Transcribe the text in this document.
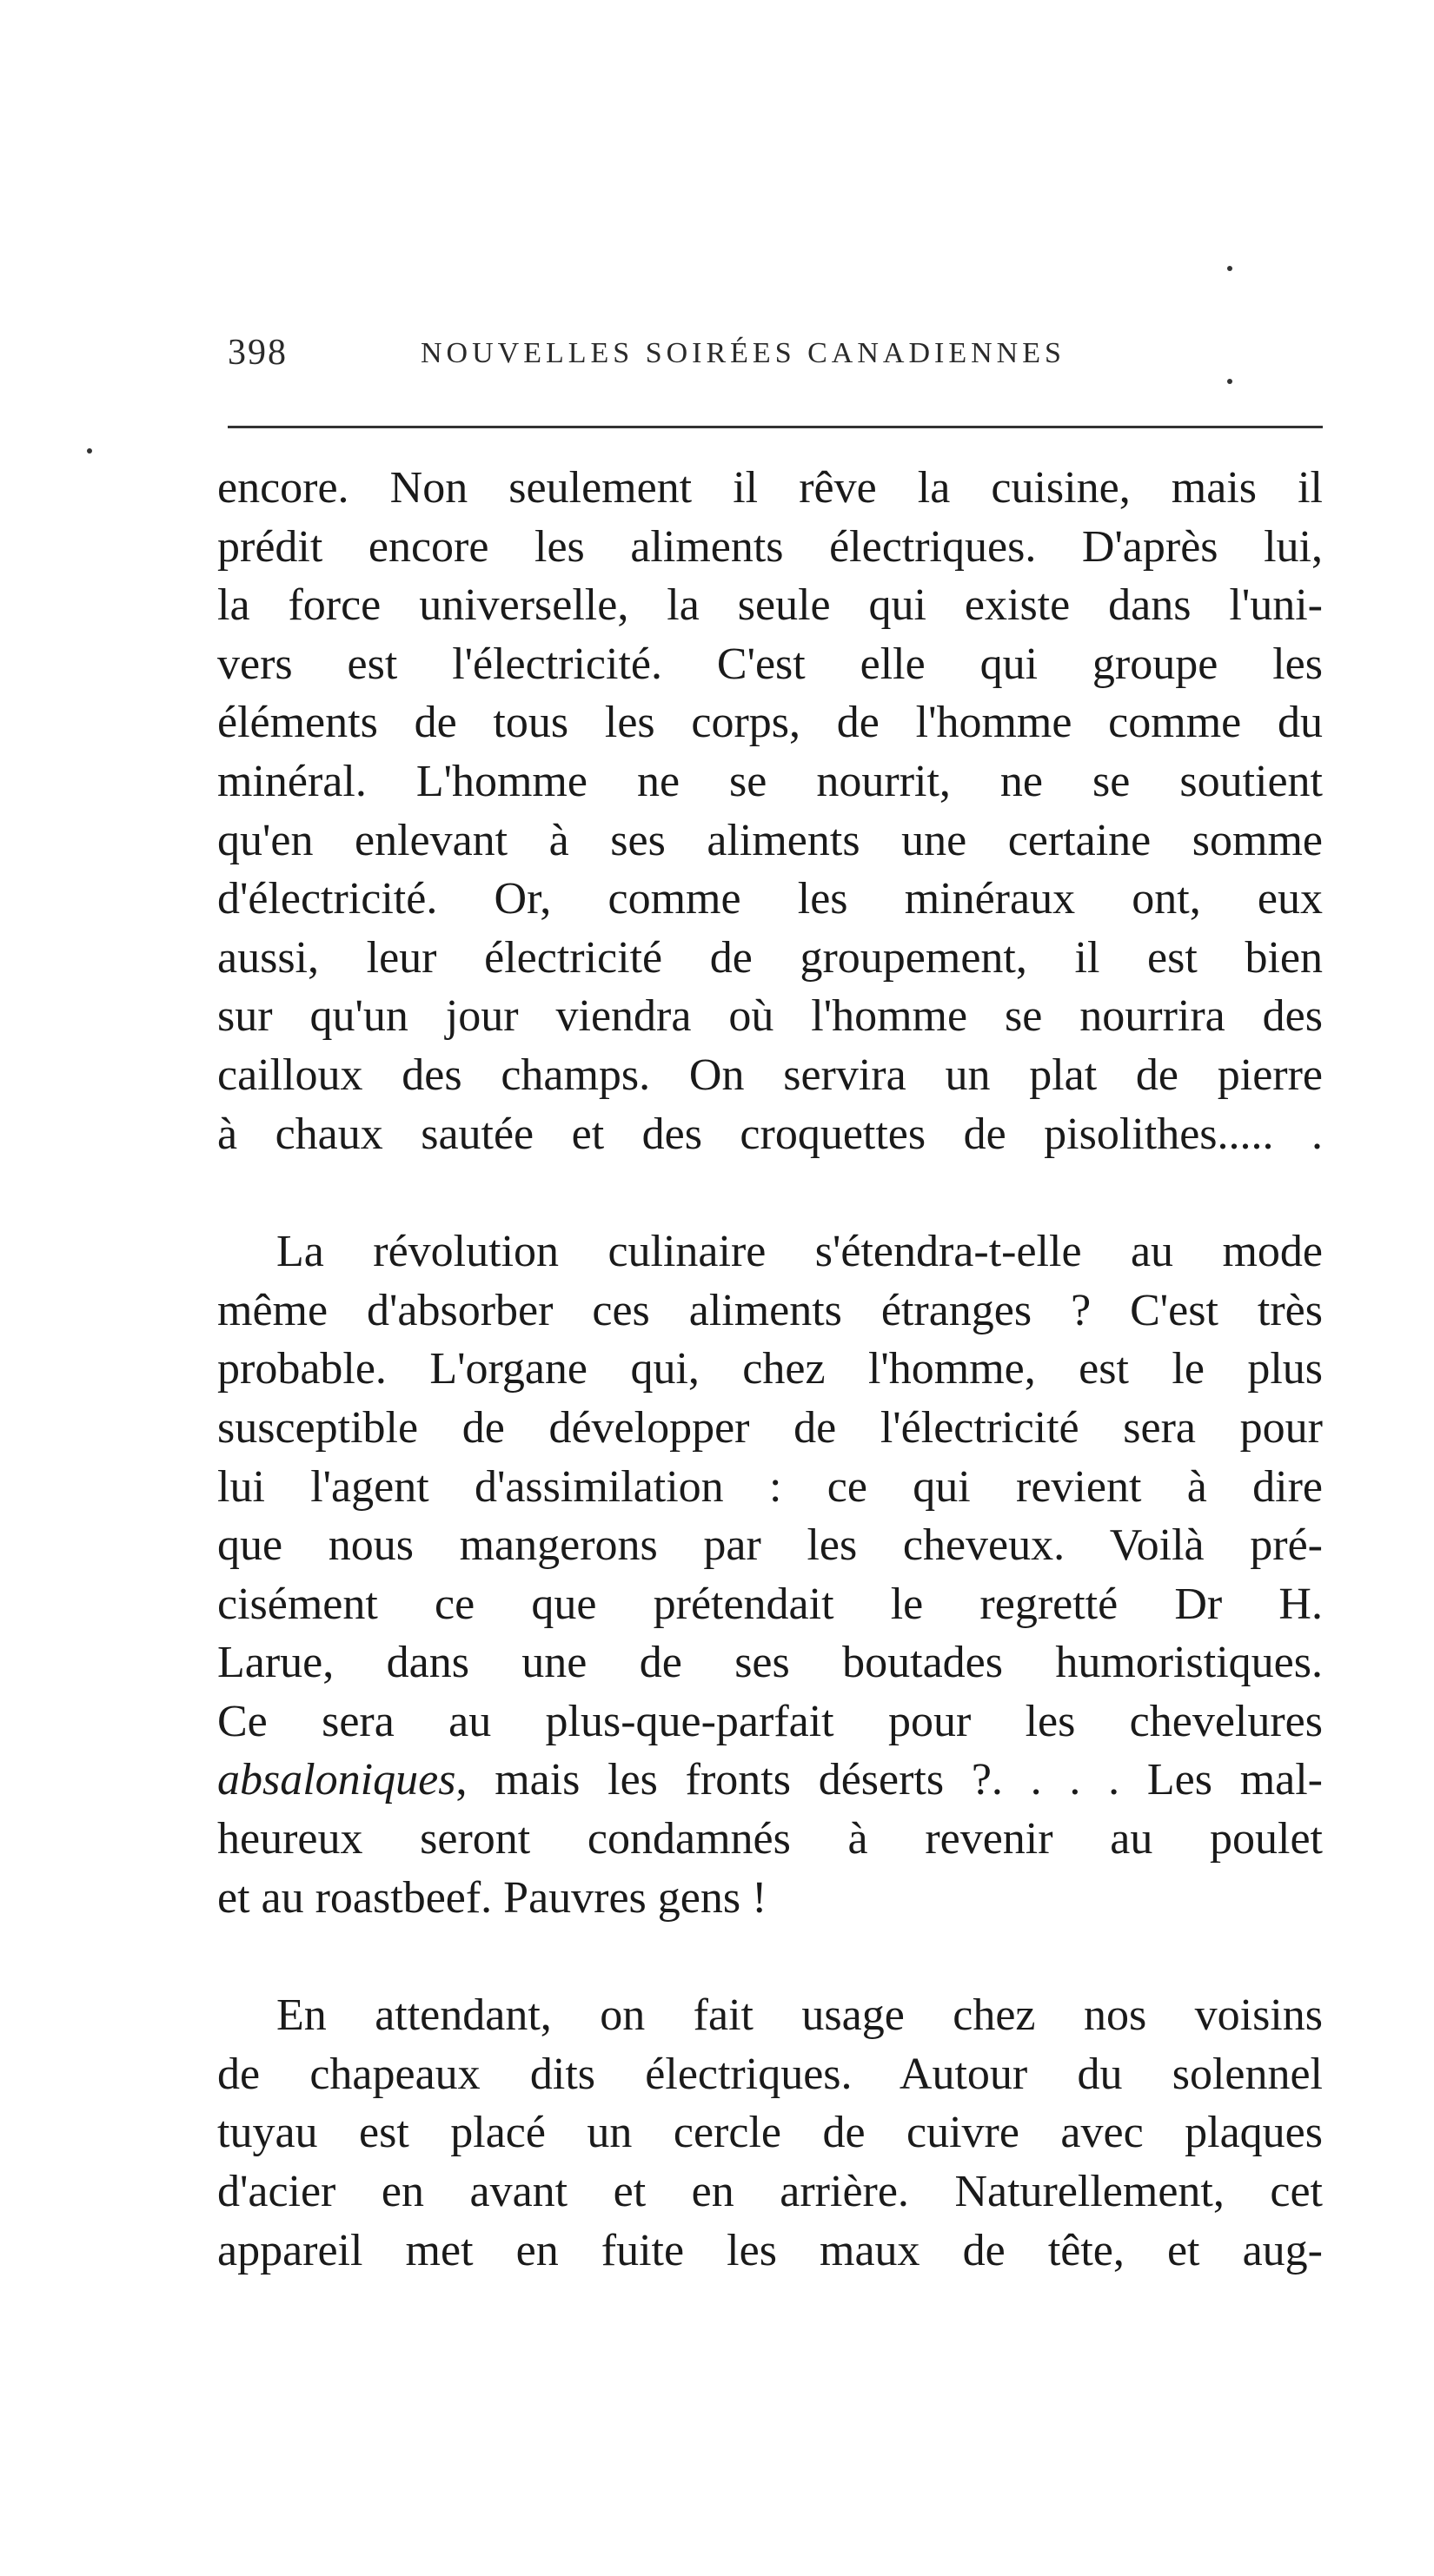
398	NOUVELLES SOIRÉES CANADIENNES
encore. Non seulement il rêve la cuisine, mais il
prédit encore les aliments électriques. D'après lui,
la force universelle, la seule qui existe dans l'uni-
vers est l'électricité. C'est elle qui groupe les
éléments de tous les corps, de l'homme comme du
minéral. L'homme ne se nourrit, ne se soutient
qu'en enlevant à ses aliments une certaine somme
d'électricité. Or, comme les minéraux ont, eux
aussi, leur électricité de groupement, il est bien
sur qu'un jour viendra où l'homme se nourrira des
cailloux des champs. On servira un plat de pierre
à chaux sautée et des croquettes de pisolithes..... .
La révolution culinaire s'étendra-t-elle au mode
même d'absorber ces aliments étranges ? C'est très
probable. L'organe qui, chez l'homme, est le plus
susceptible de développer de l'électricité sera pour
lui l'agent d'assimilation : ce qui revient à dire
que nous mangerons par les cheveux. Voilà pré-
cisément ce que prétendait le regretté Dr H.
Larue, dans une de ses boutades humoristiques.
Ce sera au plus-que-parfait pour les chevelures
absaloniques, mais les fronts déserts ?. . . . Les mal-
heureux seront condamnés à revenir au poulet
et au roastbeef. Pauvres gens !
En attendant, on fait usage chez nos voisins
de chapeaux dits électriques. Autour du solennel
tuyau est placé un cercle de cuivre avec plaques
d'acier en avant et en arrière. Naturellement, cet
appareil met en fuite les maux de tête, et aug-
